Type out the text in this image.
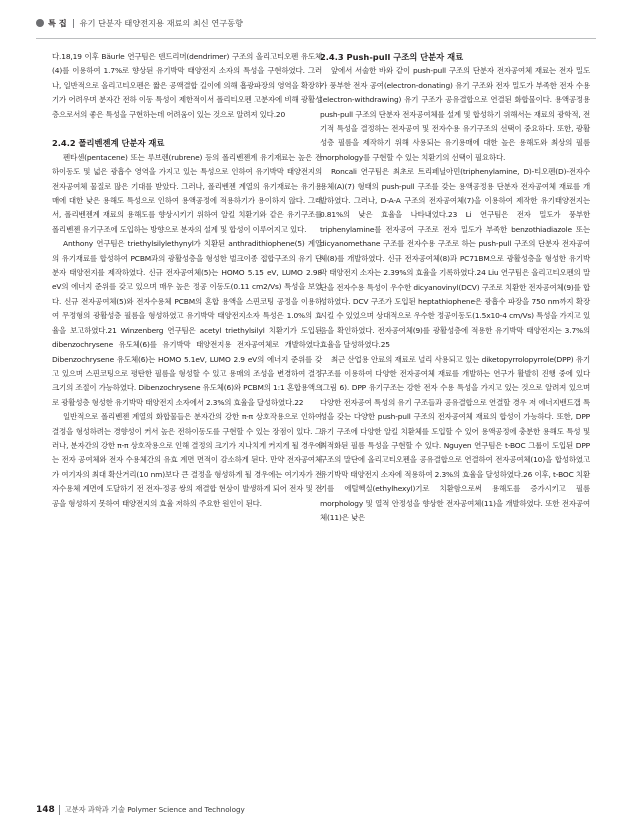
특 집 유기 단분자 태양전지용 재료의 최신 연구동향

다.18,19 이후 Bäurle 연구팀은 덴드리머(dendrimer) 구조의 올리고티오펜 유도체(4)를 이용하여 1.7%로 향상된 유기박막 태양전지 소자의 특성을 구현하였다. 그러나, 일반적으로 올리고티오펜은 짧은 공액결합 길이에 의해 흡광파장의 영역을 확장하기가 어려우며 분자간 전하 이동 특성이 제한적이서 폴리티오펜 고분자에 비해 광활성층으로서의 좋은 특성을 구현하는데 어려움이 있는 것으로 알려져 있다.20

2.4.2 폴리벤젠계 단분자 재료

펜타센(pentacene) 또는 루브렌(rubrene) 등의 폴리벤젠계 유기재료는 높은 전하이동도 및 넓은 광흡수 영역을 가지고 있는 특성으로 인하여 유기박막 태양전지의 전자공여체 물질로 많은 기대를 받았다. 그러나, 폴리벤젠 계열의 유기재료는 유기용매에 대한 낮은 용해도 특성으로 인하여 용액공정에 적용하기가 용이하지 않다. 그래서, 폴리벤젠계 재료의 용해도를 향상시키기 위하여 알킬 치환기와 같은 유기구조를 폴리벤젠 유기구조에 도입하는 방향으로 분자의 설계 및 합성이 이루어지고 있다.

Anthony 연구팀은 triethylsilylethynyl가 치환된 anthradithiophene(5) 계열의 유기재료를 합성하여 PCBM과의 광활성층을 형성한 벌크이종 접합구조의 유기 단분자 태양전지를 제작하였다. 신규 전자공여체(5)는 HOMO 5.15 eV, LUMO 2.98 eV의 에너지 준위를 갖고 있으며 매우 높은 정공 이동도(0.11 cm2/Vs) 특성을 보였다. 신규 전자공여체(5)와 전자수용체 PCBM의 혼합 용액을 스핀코팅 공정을 이용하여 무정형의 광활성층 필름을 형성하였고 유기박막 태양전지소자 특성은 1.0%의 효율을 보고하였다.21 Winzenberg 연구팀은 acetyl triethylsilyl 치환기가 도입된 dibenzochrysene 유도체(6)를 유기박막 태양전지용 전자공여체로 개발하였다. Dibenzochrysene 유도체(6)는 HOMO 5.1eV, LUMO 2.9 eV의 에너지 준위를 갖고 있으며 스핀코팅으로 평탄한 필름을 형성할 수 있고 용매의 조성을 변경하여 결정 크기의 조절이 가능하였다. Dibenzochrysene 유도체(6)와 PCBM의 1:1 혼합용액으로 광활성층 형성한 유기박막 태양전지 소자에서 2.3%의 효율을 달성하였다.22

일반적으로 폴리벤젠 계열의 화합물들은 분자간의 강한 π-π 상호작용으로 인하여 결정을 형성하려는 경향성이 커서 높은 전하이동도를 구현할 수 있는 장점이 있다. 그러나, 분자간의 강한 π-π 상호작용으로 인해 결정의 크기가 지나치게 커지게 될 경우에는 전자 공여체와 전자 수용체간의 유효 계면 면적이 감소하게 된다. 만약 전자공여체가 여기자의 최대 확산거리(10 nm)보다 큰 결정을 형성하게 될 경우에는 여기자가 전자수용체 계면에 도달하기 전 전자-정공 쌍의 재결합 현상이 발생하게 되어 전자 및 전공을 형성하지 못하여 태양전지의 효율 저하의 주요한 원인이 된다.

2.4.3 Push-pull 구조의 단분자 재료

앞에서 서술한 바와 같이 push-pull 구조의 단분자 전자공여체 재료는 전자 밀도가 풍부한 전자 공여(electron-donating) 유기 구조와 전자 밀도가 부족한 전자 수용(electron-withdrawing) 유기 구조가 공유결합으로 연결된 화합물이다. 용액공정용 push-pull 구조의 단분자 전자공여체를 설계 및 합성하기 위해서는 재료의 광학적, 전기적 특성을 결정하는 전자공여 및 전자수용 유기구조의 선택이 중요하다. 또한, 광활성층 필름을 제작하기 위해 사용되는 유기용매에 대한 높은 용해도와 최상의 필름 morphology를 구현할 수 있는 치환기의 선택이 필요하다.

Roncali 연구팀은 최초로 트리페닐아민(triphenylamine, D)-티오펜(D)-전자수용체(A)(7) 형태의 push-pull 구조를 갖는 용액공정용 단분자 전자공여체 재료를 개발하였다. 그러나, D-A-A 구조의 전자공여체(7)을 이용하여 제작한 유기태양전지는 0.81%의 낮은 효율을 나타내었다.23 Li 연구팀은 전자 밀도가 풍부한 triphenylamine를 전자공여 구조로 전자 밀도가 부족한 benzothiadiazole 또는 dicyanomethane 구조를 전자수용 구조로 하는 push-pull 구조의 단분자 전자공여체(8)를 개발하였다. 신규 전자공여체(8)과 PC71BM으로 광활성층을 형성한 유기박막 태양전지 소자는 2.39%의 효율을 기록하였다.24 Liu 연구팀은 올리고티오펜의 말단을 전자수용 특성이 우수한 dicyanovinyl(DCV) 구조로 치환한 전자공여체(9)를 합성하였다. DCV 구조가 도입된 heptathiophene은 광흡수 파장을 750 nm까지 확장시킬 수 있었으며 상대적으로 우수한 정공이동도(1.5x10-4 cm/Vs) 특성을 가지고 있음을 확인하였다. 전자공여체(9)를 광활성층에 적용한 유기박막 태양전지는 3.7%의 효율을 달성하였다.25

최근 산업용 안료의 재료로 널리 사용되고 있는 diketopyrrolopyrrole(DPP) 유기구조를 이용하여 다양한 전자공여체 재료를 개발하는 연구가 활발히 진행 중에 있다(그림 6). DPP 유기구조는 강한 전자 수용 특성을 가지고 있는 것으로 알려져 있으며 다양한 전자공여 특성의 유기 구조들과 공유결합으로 연결할 경우 저 에너지밴드갭 특성을 갖는 다양한 push-pull 구조의 전자공여체 재료의 합성이 가능하다. 또한, DPP 유기 구조에 다양한 알킬 치환체를 도입할 수 있어 용액공정에 충분한 용해도 특성 및 최적화된 필름 특성을 구현할 수 있다. Nguyen 연구팀은 t-BOC 그룹이 도입된 DPP 구조의 말단에 올리고티오펜을 공유결합으로 연결하여 전자공여체(10)을 합성하였고 유기박막 태양전지 소자에 적용하여 2.3%의 효율을 달성하였다.26 이후, t-BOC 치환기를 에틸헥실(ethylhexyl)기로 치환함으로써 용해도를 증가시키고 필름 morphology 및 열적 안정성을 향상한 전자공여체(11)을 개발하였다. 또한 전자공여체(11)은 낮은

148 고분자 과학과 기술 Polymer Science and Technology
